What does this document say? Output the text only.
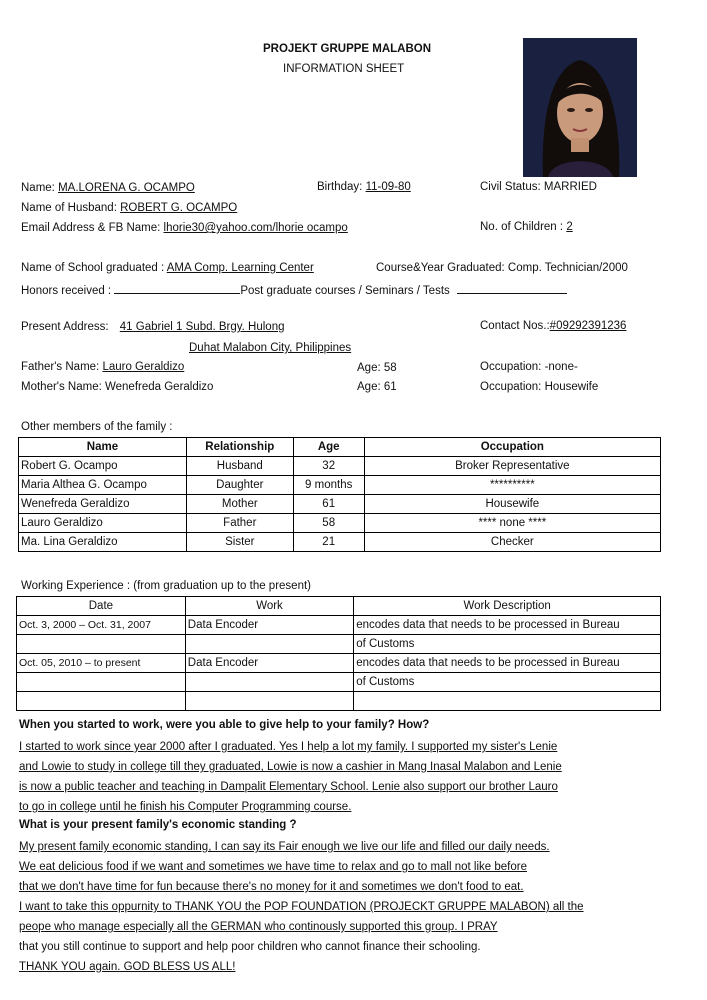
PROJEKT GRUPPE MALABON
INFORMATION SHEET
Name: MA.LORENA G. OCAMPO	Birthday: 11-09-80	Civil Status: MARRIED
Name of Husband: ROBERT G. OCAMPO
Email Address & FB Name: lhorie30@yahoo.com/lhorie ocampo	No. of Children : 2
Name of School graduated : AMA Comp. Learning Center	Course&Year Graduated: Comp. Technician/2000
Honors received :	Post graduate courses / Seminars / Tests
Present Address: 41 Gabriel 1 Subd. Brgy. Hulong
Duhat Malabon City, Philippines
Contact Nos.:#09292391236
Father's Name: Lauro Geraldizo	Age: 58	Occupation: -none-
Mother's Name: Wenefreda Geraldizo	Age: 61	Occupation: Housewife
Other members of the family :
Name	Relationship	Age	Occupation
Robert G. Ocampo	Husband	32	Broker Representative
Maria Althea G. Ocampo	Daughter	9 months	**********
Wenefreda Geraldizo	Mother	61	Housewife
Lauro Geraldizo	Father	58	**** none ****
Ma. Lina Geraldizo	Sister	21	Checker
Working Experience : (from graduation up to the present)
Date	Work	Work Description
Oct. 3, 2000 – Oct. 31, 2007	Data Encoder	encodes data that needs to be processed in Bureau
		of Customs
Oct. 05, 2010 – to present	Data Encoder	encodes data that needs to be processed in Bureau
		of Customs

When you started to work, were you able to give help to your family? How?
I started to work since year 2000 after I graduated. Yes I help a lot my family. I supported my sister's Lenie
and Lowie to study in college till they graduated, Lowie is now a cashier in Mang Inasal Malabon and Lenie
is now a public teacher and teaching in Dampalit Elementary School. Lenie also support our brother Lauro
to go in college until he finish his Computer Programming course.
What is your present family's economic standing ?
My present family economic standing, I can say its Fair enough we live our life and filled our daily needs.
We eat delicious food if we want and sometimes we have time to relax and go to mall not like before
that we don't have time for fun because there's no money for it and sometimes we don't food to eat.
I want to take this oppurnity to THANK YOU the POP FOUNDATION (PROJECKT GRUPPE MALABON) all the
peope who manage especially all the GERMAN who continously supported this group. I PRAY
that you still continue to support and help poor children who cannot finance their schooling.
THANK YOU again. GOD BLESS US ALL!
